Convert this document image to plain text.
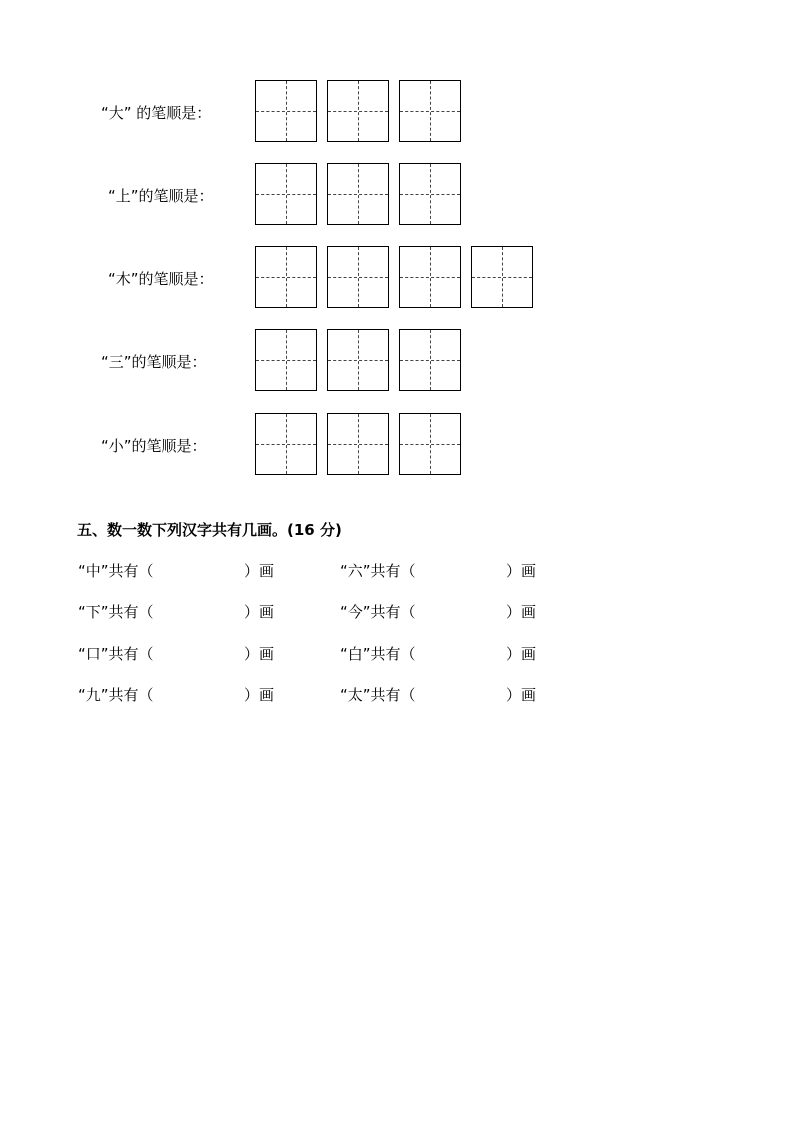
“大” 的笔顺是：
“上”的笔顺是：
“木”的笔顺是：
“三”的笔顺是：
“小”的笔顺是：
五、数一数下列汉字共有几画。(16 分)
“中”共有（	）画	“六”共有（	）画
“下”共有（	）画	“今”共有（	）画
“口”共有（	）画	“白”共有（	）画
“九”共有（	）画	“太”共有（	）画
